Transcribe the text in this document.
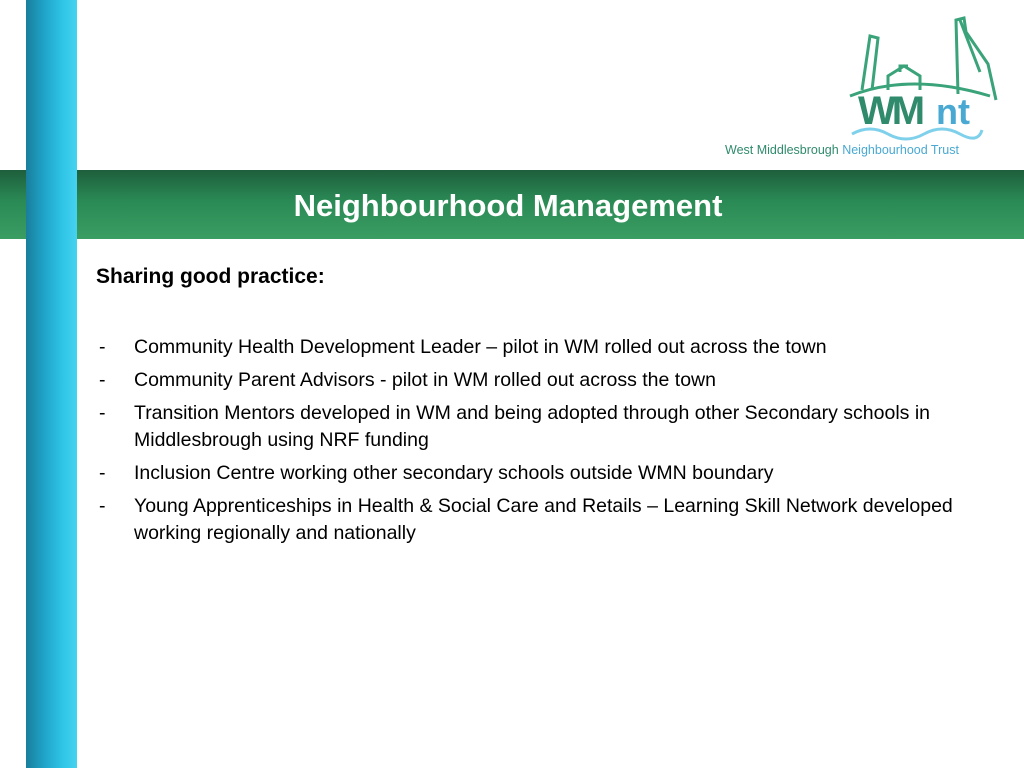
Neighbourhood Management
WM nt
West Middlesbrough Neighbourhood Trust
Sharing good practice:
- Community Health Development Leader – pilot in WM rolled out across the town
- Community Parent Advisors - pilot in WM rolled out across the town
- Transition Mentors developed in WM and being adopted through other Secondary schools in Middlesbrough using NRF funding
- Inclusion Centre working other secondary schools outside WMN boundary
- Young Apprenticeships in Health & Social Care and Retails – Learning Skill Network developed working regionally and nationally
